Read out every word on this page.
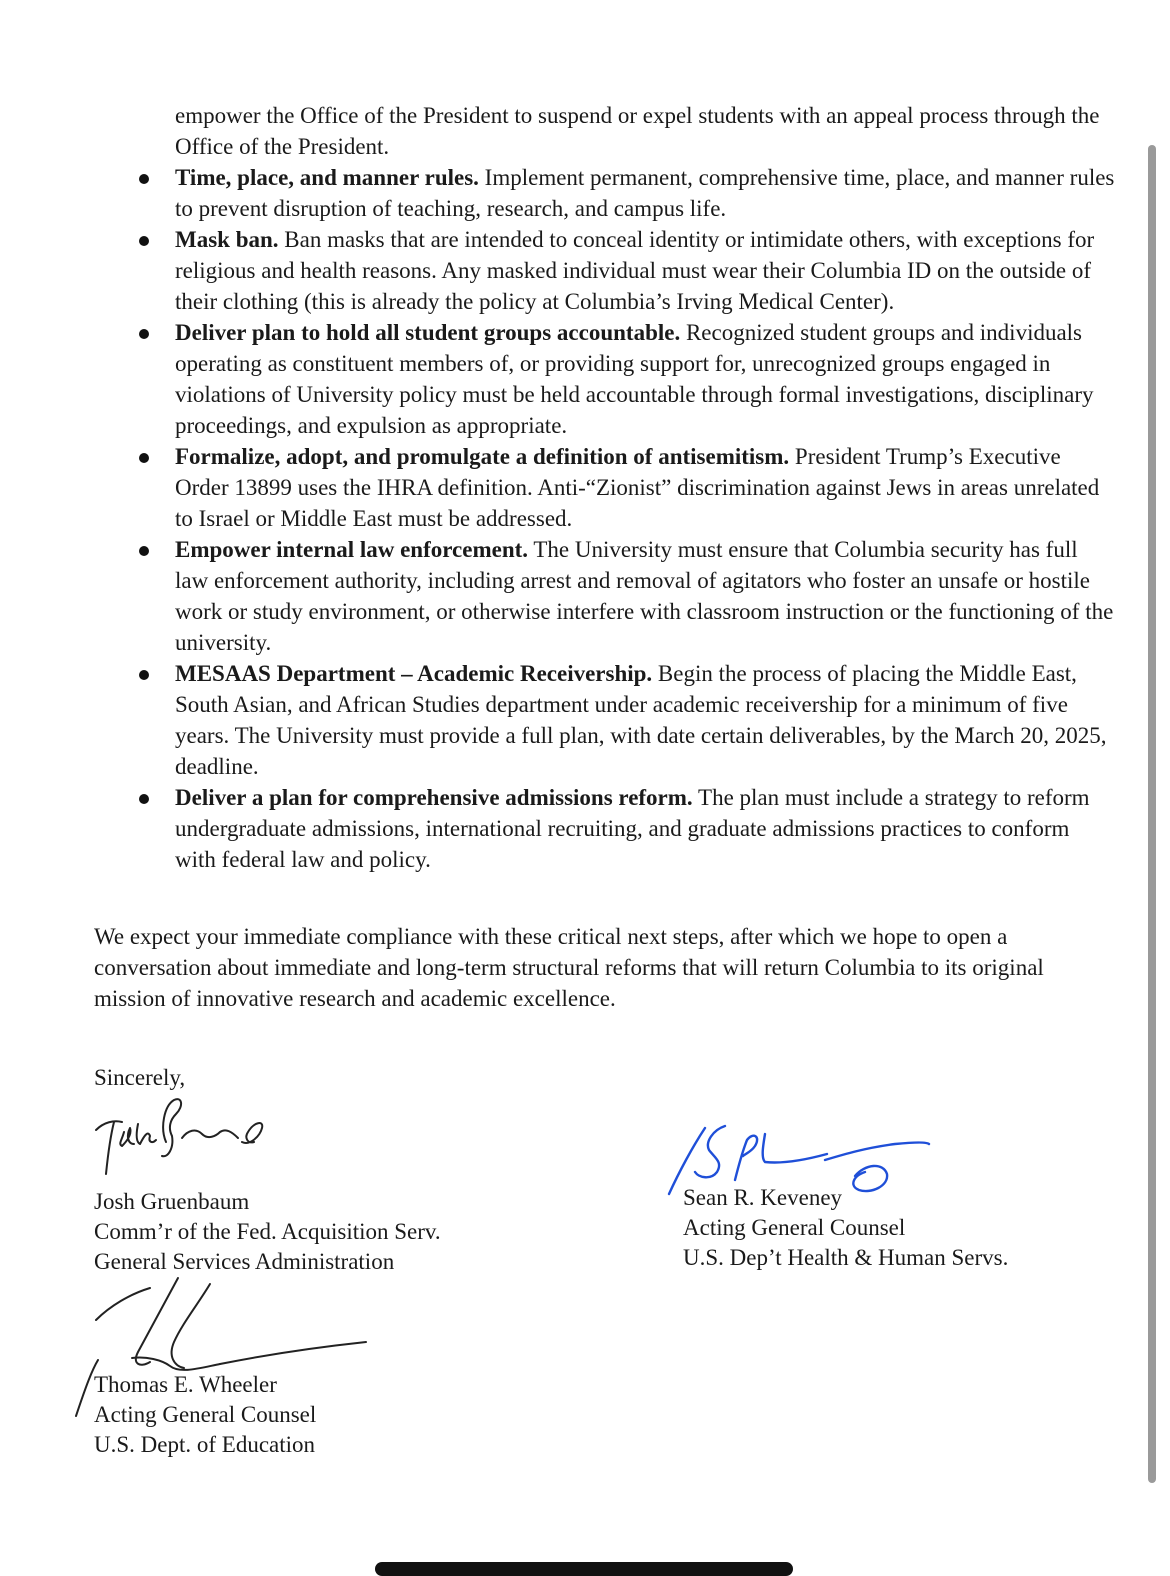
empower the Office of the President to suspend or expel students with an appeal process through the Office of the President.
Time, place, and manner rules. Implement permanent, comprehensive time, place, and manner rules to prevent disruption of teaching, research, and campus life.
Mask ban. Ban masks that are intended to conceal identity or intimidate others, with exceptions for religious and health reasons. Any masked individual must wear their Columbia ID on the outside of their clothing (this is already the policy at Columbia’s Irving Medical Center).
Deliver plan to hold all student groups accountable. Recognized student groups and individuals operating as constituent members of, or providing support for, unrecognized groups engaged in violations of University policy must be held accountable through formal investigations, disciplinary proceedings, and expulsion as appropriate.
Formalize, adopt, and promulgate a definition of antisemitism. President Trump’s Executive Order 13899 uses the IHRA definition. Anti-“Zionist” discrimination against Jews in areas unrelated to Israel or Middle East must be addressed.
Empower internal law enforcement. The University must ensure that Columbia security has full law enforcement authority, including arrest and removal of agitators who foster an unsafe or hostile work or study environment, or otherwise interfere with classroom instruction or the functioning of the university.
MESAAS Department – Academic Receivership. Begin the process of placing the Middle East, South Asian, and African Studies department under academic receivership for a minimum of five years. The University must provide a full plan, with date certain deliverables, by the March 20, 2025, deadline.
Deliver a plan for comprehensive admissions reform. The plan must include a strategy to reform undergraduate admissions, international recruiting, and graduate admissions practices to conform with federal law and policy.
We expect your immediate compliance with these critical next steps, after which we hope to open a conversation about immediate and long-term structural reforms that will return Columbia to its original mission of innovative research and academic excellence.
Sincerely,
Josh Gruenbaum
Comm’r of the Fed. Acquisition Serv.
General Services Administration
Sean R. Keveney
Acting General Counsel
U.S. Dep’t Health & Human Servs.
Thomas E. Wheeler
Acting General Counsel
U.S. Dept. of Education
